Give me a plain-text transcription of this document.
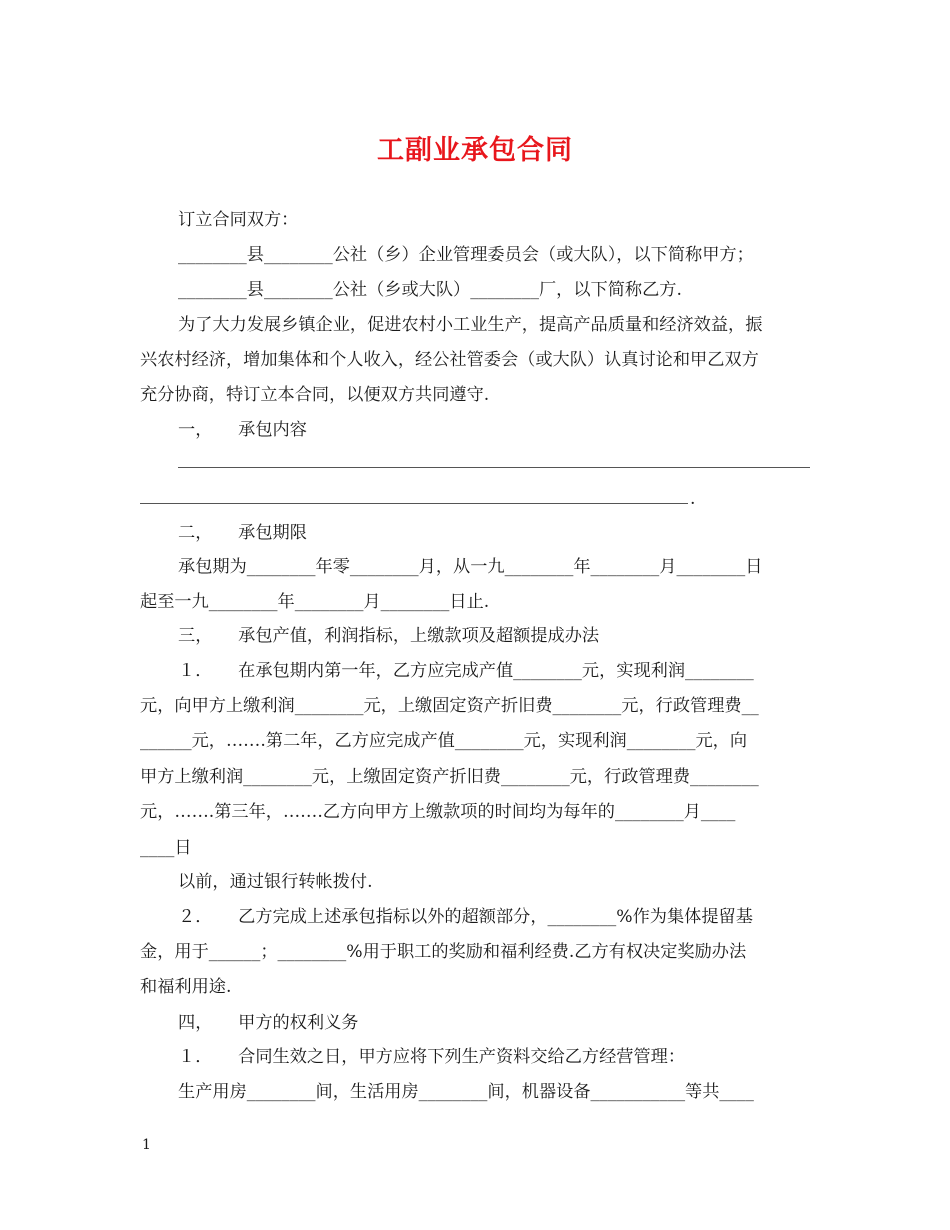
工副业承包合同
订立合同双方：
________县________公社（乡）企业管理委员会（或大队），以下简称甲方；
________县________公社（乡或大队）________厂，以下简称乙方.
为了大力发展乡镇企业，促进农村小工业生产，提高产品质量和经济效益，振
兴农村经济，增加集体和个人收入，经公社管委会（或大队）认真讨论和甲乙双方
充分协商，特订立本合同，以便双方共同遵守.
一，　　承包内容
.
二，　　承包期限
承包期为________年零________月，从一九________年________月________日
起至一九________年________月________日止.
三，　　承包产值，利润指标，上缴款项及超额提成办法
１．　　在承包期内第一年，乙方应完成产值________元，实现利润________
元，向甲方上缴利润________元，上缴固定资产折旧费________元，行政管理费__
______元，…….第二年，乙方应完成产值________元，实现利润________元，向
甲方上缴利润________元，上缴固定资产折旧费________元，行政管理费________
元，…….第三年，…….乙方向甲方上缴款项的时间均为每年的________月____
____日
以前，通过银行转帐拨付.
２．　　乙方完成上述承包指标以外的超额部分，________%作为集体提留基
金，用于______；________%用于职工的奖励和福利经费.乙方有权决定奖励办法
和福利用途.
四，　　甲方的权利义务
１．　　合同生效之日，甲方应将下列生产资料交给乙方经营管理：
生产用房________间，生活用房________间，机器设备___________等共____
1
